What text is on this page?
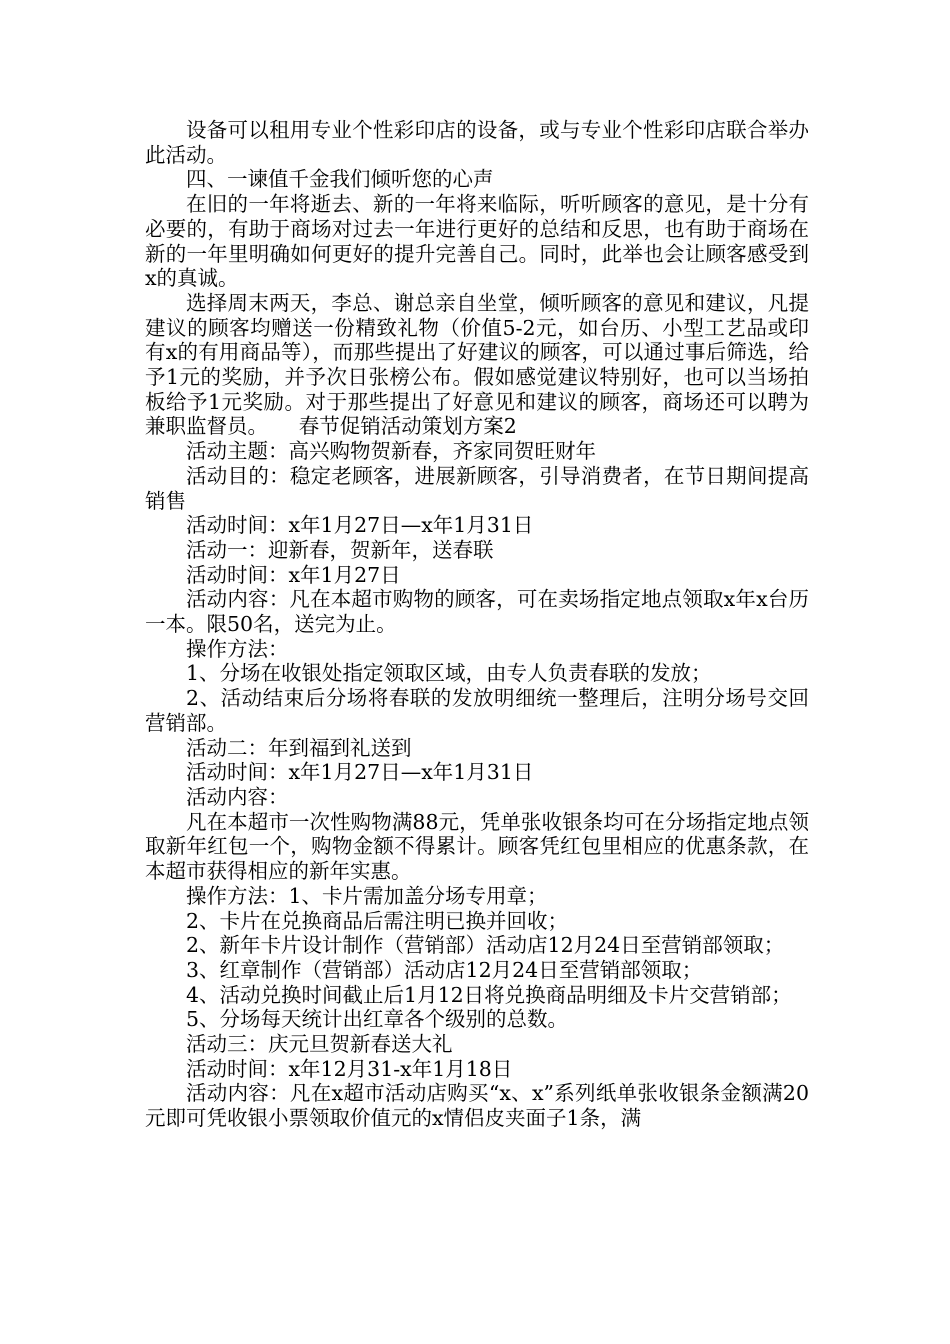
设备可以租用专业个性彩印店的设备，或与专业个性彩印店联合举办此活动。

四、一谏值千金我们倾听您的心声

在旧的一年将逝去、新的一年将来临际，听听顾客的意见，是十分有必要的，有助于商场对过去一年进行更好的总结和反思，也有助于商场在新的一年里明确如何更好的提升完善自己。同时，此举也会让顾客感受到x的真诚。

选择周末两天，李总、谢总亲自坐堂，倾听顾客的意见和建议，凡提建议的顾客均赠送一份精致礼物（价值5-2元，如台历、小型工艺品或印有x的有用商品等），而那些提出了好建议的顾客，可以通过事后筛选，给予1元的奖励，并予次日张榜公布。假如感觉建议特别好，也可以当场拍板给予1元奖励。对于那些提出了好意见和建议的顾客，商场还可以聘为兼职监督员。　　春节促销活动策划方案2

活动主题：高兴购物贺新春，齐家同贺旺财年

活动目的：稳定老顾客，进展新顾客，引导消费者，在节日期间提高销售

活动时间：x年1月27日—x年1月31日

活动一：迎新春，贺新年，送春联

活动时间：x年1月27日

活动内容：凡在本超市购物的顾客，可在卖场指定地点领取x年x台历一本。限50名，送完为止。

操作方法：

1、分场在收银处指定领取区域，由专人负责春联的发放；

2、活动结束后分场将春联的发放明细统一整理后，注明分场号交回营销部。

活动二：年到福到礼送到

活动时间：x年1月27日—x年1月31日

活动内容：

凡在本超市一次性购物满88元，凭单张收银条均可在分场指定地点领取新年红包一个，购物金额不得累计。顾客凭红包里相应的优惠条款，在本超市获得相应的新年实惠。

操作方法：1、卡片需加盖分场专用章；

2、卡片在兑换商品后需注明已换并回收；

2、新年卡片设计制作（营销部）活动店12月24日至营销部领取；

3、红章制作（营销部）活动店12月24日至营销部领取；

4、活动兑换时间截止后1月12日将兑换商品明细及卡片交营销部；

5、分场每天统计出红章各个级别的总数。

活动三：庆元旦贺新春送大礼

活动时间：x年12月31-x年1月18日

活动内容：凡在x超市活动店购买“x、x”系列纸单张收银条金额满20元即可凭收银小票领取价值元的x情侣皮夹面子1条，满
